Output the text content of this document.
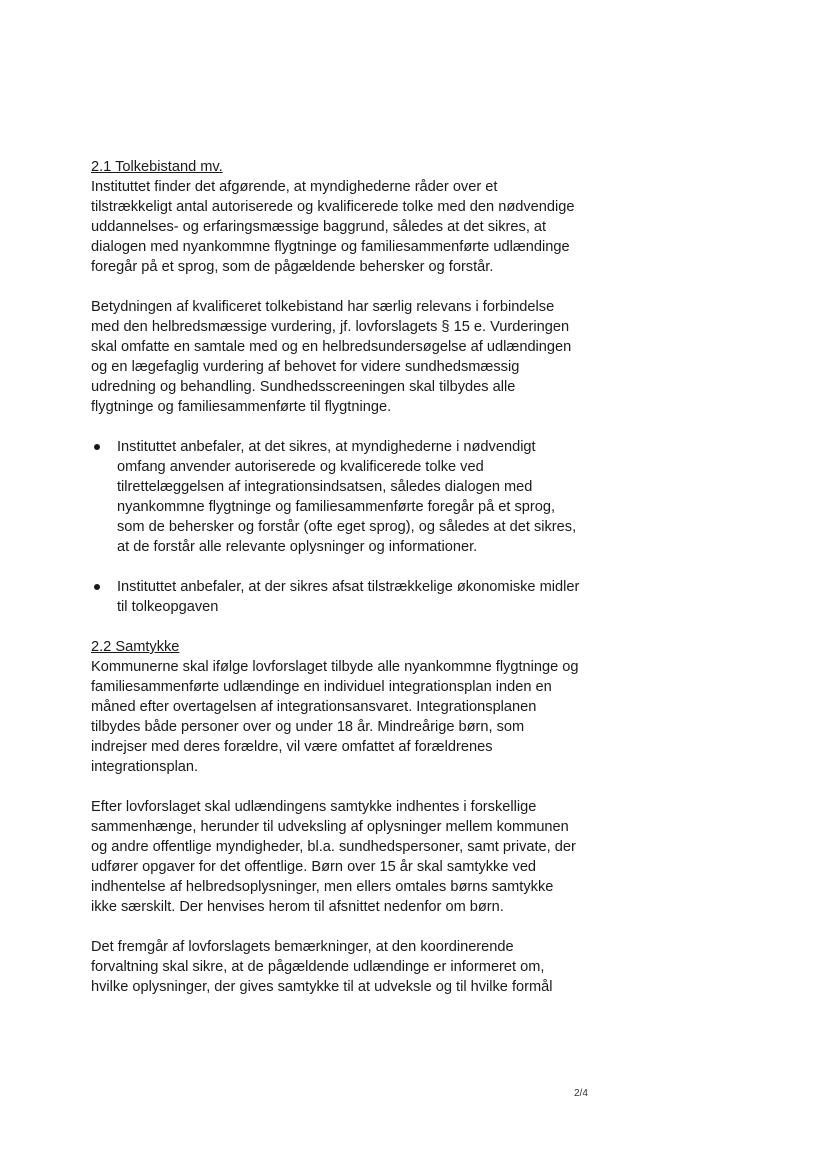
2.1 Tolkebistand mv.

Instituttet finder det afgørende, at myndighederne råder over et tilstrækkeligt antal autoriserede og kvalificerede tolke med den nødvendige uddannelses- og erfaringsmæssige baggrund, således at det sikres, at dialogen med nyankommne flygtninge og familiesammenførte udlændinge foregår på et sprog, som de pågældende behersker og forstår.

Betydningen af kvalificeret tolkebistand har særlig relevans i forbindelse med den helbredsmæssige vurdering, jf. lovforslagets § 15 e. Vurderingen skal omfatte en samtale med og en helbredsundersøgelse af udlændingen og en lægefaglig vurdering af behovet for videre sundhedsmæssig udredning og behandling. Sundhedsscreeningen skal tilbydes alle flygtninge og familiesammenførte til flygtninge.

Instituttet anbefaler, at det sikres, at myndighederne i nødvendigt omfang anvender autoriserede og kvalificerede tolke ved tilrettelæggelsen af integrationsindsatsen, således dialogen med nyankommne flygtninge og familiesammenførte foregår på et sprog, som de behersker og forstår (ofte eget sprog), og således at det sikres, at de forstår alle relevante oplysninger og informationer.
Instituttet anbefaler, at der sikres afsat tilstrækkelige økonomiske midler til tolkeopgaven

2.2 Samtykke

Kommunerne skal ifølge lovforslaget tilbyde alle nyankommne flygtninge og familiesammenførte udlændinge en individuel integrationsplan inden en måned efter overtagelsen af integrationsansvaret. Integrationsplanen tilbydes både personer over og under 18 år. Mindreårige børn, som indrejser med deres forældre, vil være omfattet af forældrenes integrationsplan.

Efter lovforslaget skal udlændingens samtykke indhentes i forskellige sammenhænge, herunder til udveksling af oplysninger mellem kommunen og andre offentlige myndigheder, bl.a. sundhedspersoner, samt private, der udfører opgaver for det offentlige. Børn over 15 år skal samtykke ved indhentelse af helbredsoplysninger, men ellers omtales børns samtykke ikke særskilt. Der henvises herom til afsnittet nedenfor om børn.

Det fremgår af lovforslagets bemærkninger, at den koordinerende forvaltning skal sikre, at de pågældende udlændinge er informeret om, hvilke oplysninger, der gives samtykke til at udveksle og til hvilke formål

2/4
